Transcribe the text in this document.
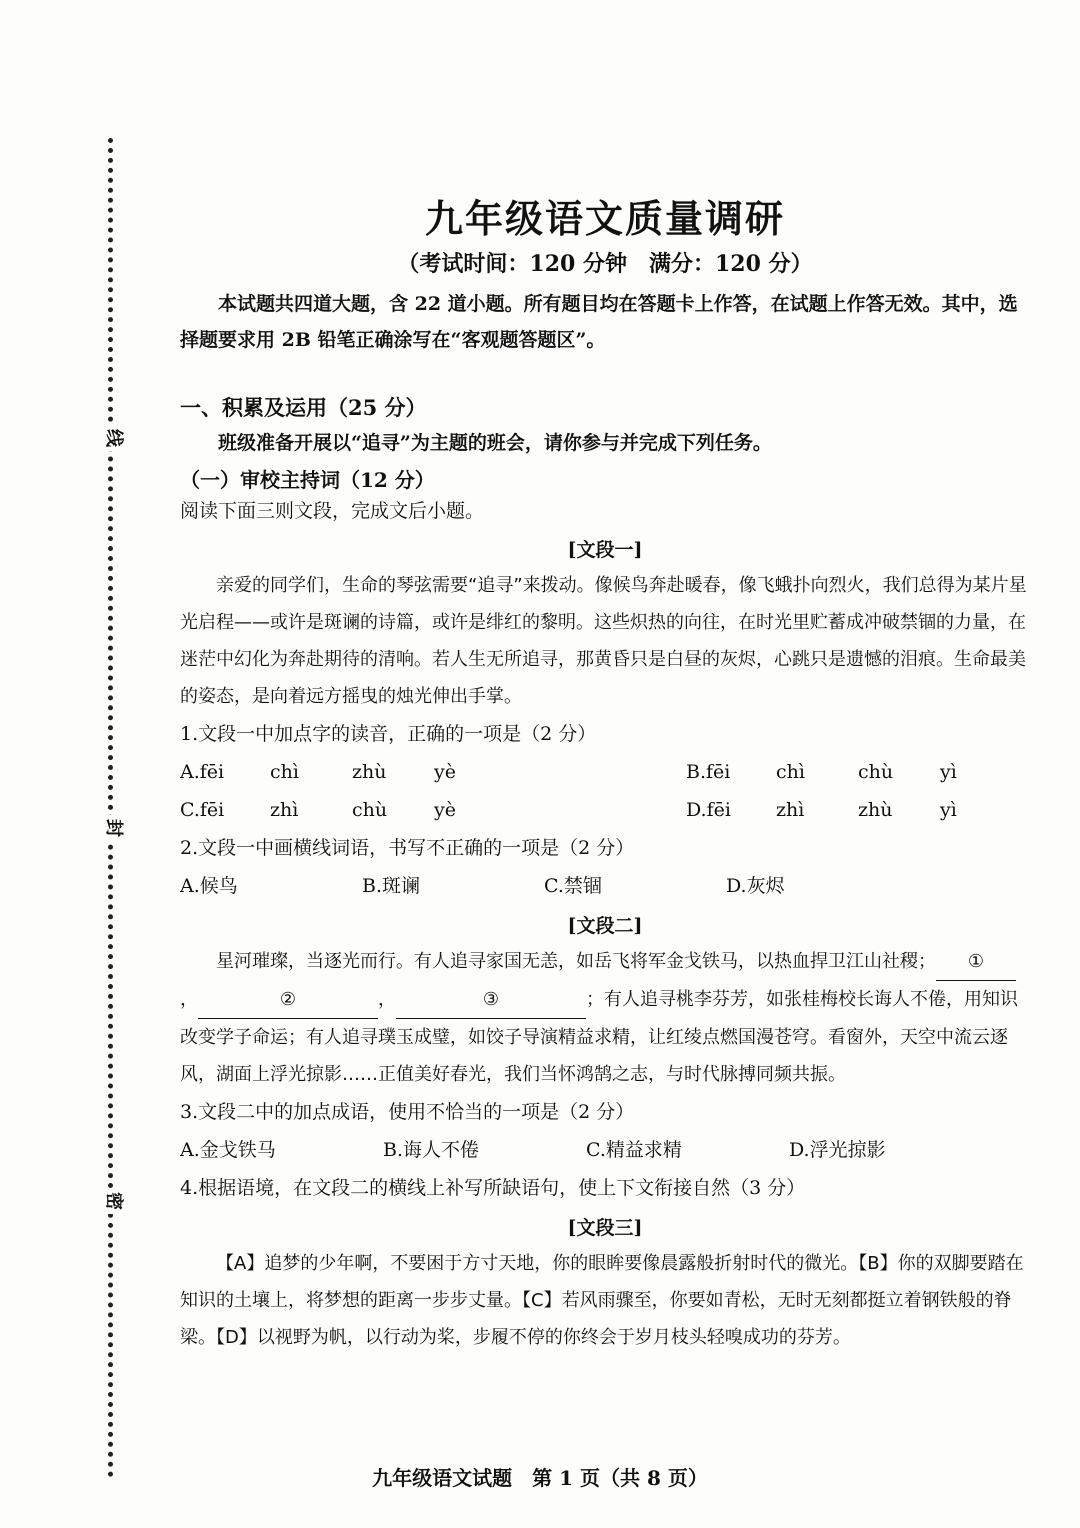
线
封
密
九年级语文质量调研
（考试时间：120 分钟　满分：120 分）
本试题共四道大题，含 22 道小题。所有题目均在答题卡上作答，在试题上作答无效。其中，选择题要求用 2B 铅笔正确涂写在“客观题答题区”。
一、积累及运用（25 分）
班级准备开展以“追寻”为主题的班会，请你参与并完成下列任务。
（一）审校主持词（12 分）
阅读下面三则文段，完成文后小题。
[文段一]
亲爱的同学们，生命的琴弦需要“追寻”来拨动。像候鸟奔赴暖春，像飞蛾扑向烈火，我们总得为某片星光启程——或许是斑谰的诗篇，或许是绯红的黎明。这些炽热的向往，在时光里贮蓄成冲破禁锢的力量，在迷茫中幻化为奔赴期待的清响。若人生无所追寻，那黄昏只是白昼的灰烬，心跳只是遗憾的泪痕。生命最美的姿态，是向着远方摇曳的烛光伸出手掌。
1.文段一中加点字的读音，正确的一项是（2 分）
A.fēi	chì	zhù	yè	B.fēi	chì	chù	yì
C.fēi	zhì	chù	yè	D.fēi	zhì	zhù	yì
2.文段一中画横线词语，书写不正确的一项是（2 分）
A.候鸟	B.斑谰	C.禁锢	D.灰烬
[文段二]
星河璀璨，当逐光而行。有人追寻家国无恙，如岳飞将军金戈铁马，以热血捍卫江山社稷； ①，	②	，	③	；有人追寻桃李芬芳，如张桂梅校长诲人不倦，用知识改变学子命运；有人追寻璞玉成璧，如饺子导演精益求精，让红绫点燃国漫苍穹。看窗外，天空中流云逐风，湖面上浮光掠影……正值美好春光，我们当怀鸿鹄之志，与时代脉搏同频共振。
3.文段二中的加点成语，使用不恰当的一项是（2 分）
A.金戈铁马	B.诲人不倦	C.精益求精	D.浮光掠影
4.根据语境，在文段二的横线上补写所缺语句，使上下文衔接自然（3 分）
[文段三]
【A】追梦的少年啊，不要困于方寸天地，你的眼眸要像晨露般折射时代的微光。【B】你的双脚要踏在知识的土壤上，将梦想的距离一步步丈量。【C】若风雨骤至，你要如青松，无时无刻都挺立着钢铁般的脊梁。【D】以视野为帆，以行动为桨，步履不停的你终会于岁月枝头轻嗅成功的芬芳。
九年级语文试题　第 1 页（共 8 页）
